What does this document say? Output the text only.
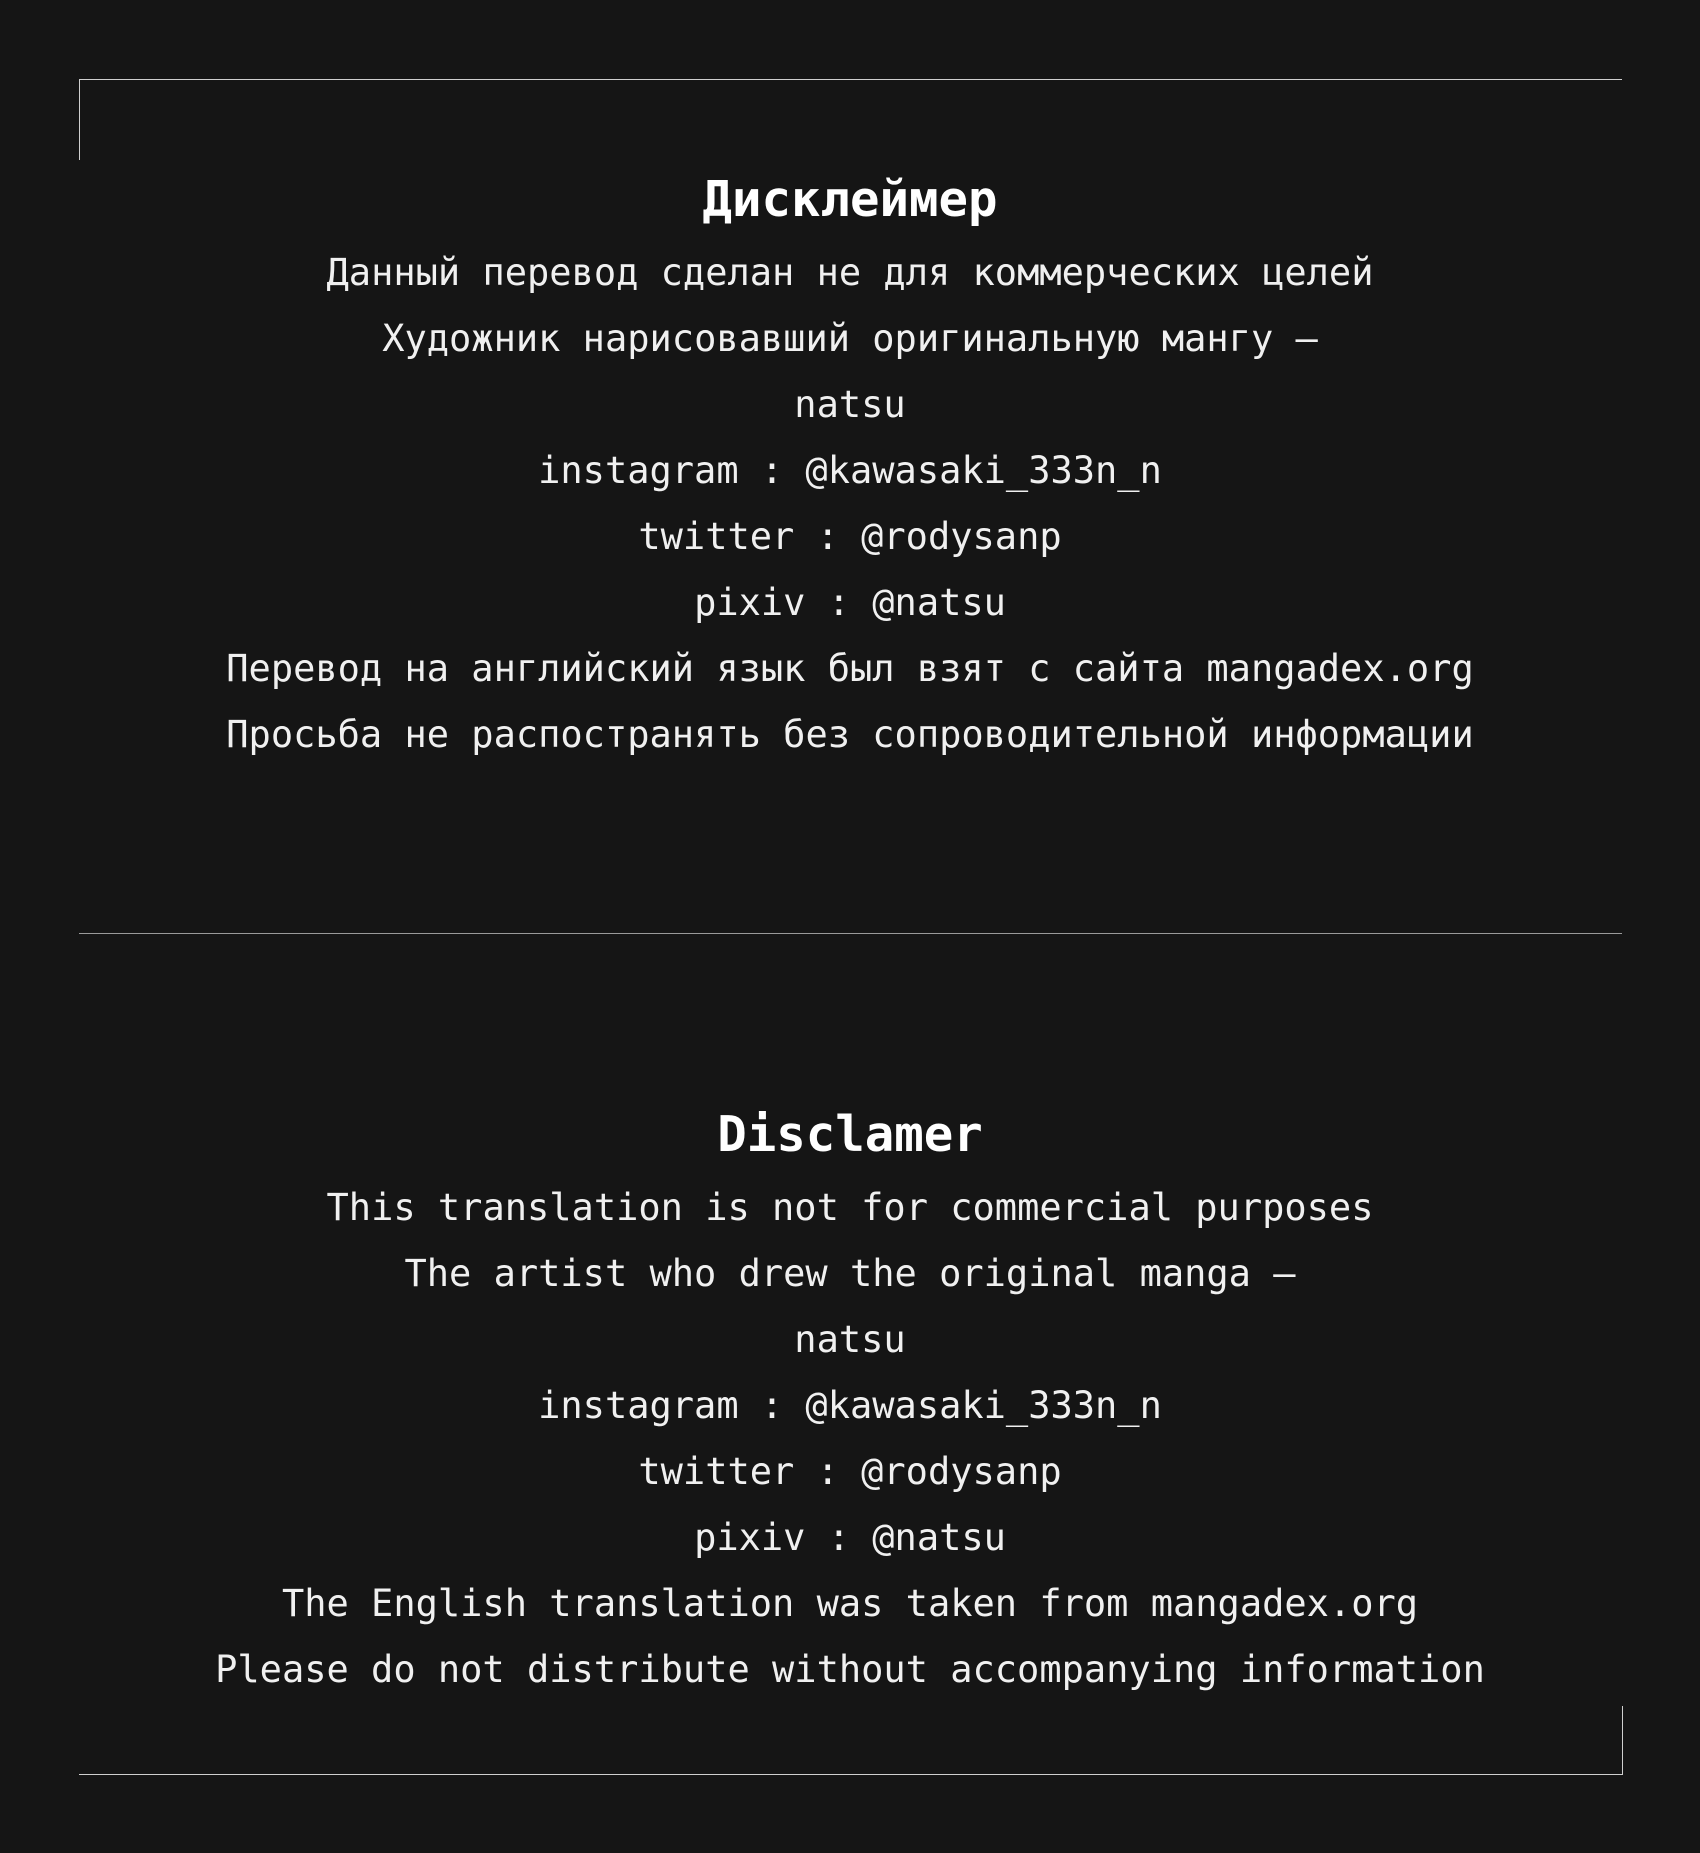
Дисклеймер
Данный перевод сделан не для коммерческих целей
Художник нарисовавший оригинальную мангу —
natsu
instagram : @kawasaki_333n_n
twitter : @rodysanp
pixiv : @natsu
Перевод на английский язык был взят с сайта mangadex.org
Просьба не распостранять без сопроводительной информации
Disclamer
This translation is not for commercial purposes
The artist who drew the original manga —
natsu
instagram : @kawasaki_333n_n
twitter : @rodysanp
pixiv : @natsu
The English translation was taken from mangadex.org
Please do not distribute without accompanying information
